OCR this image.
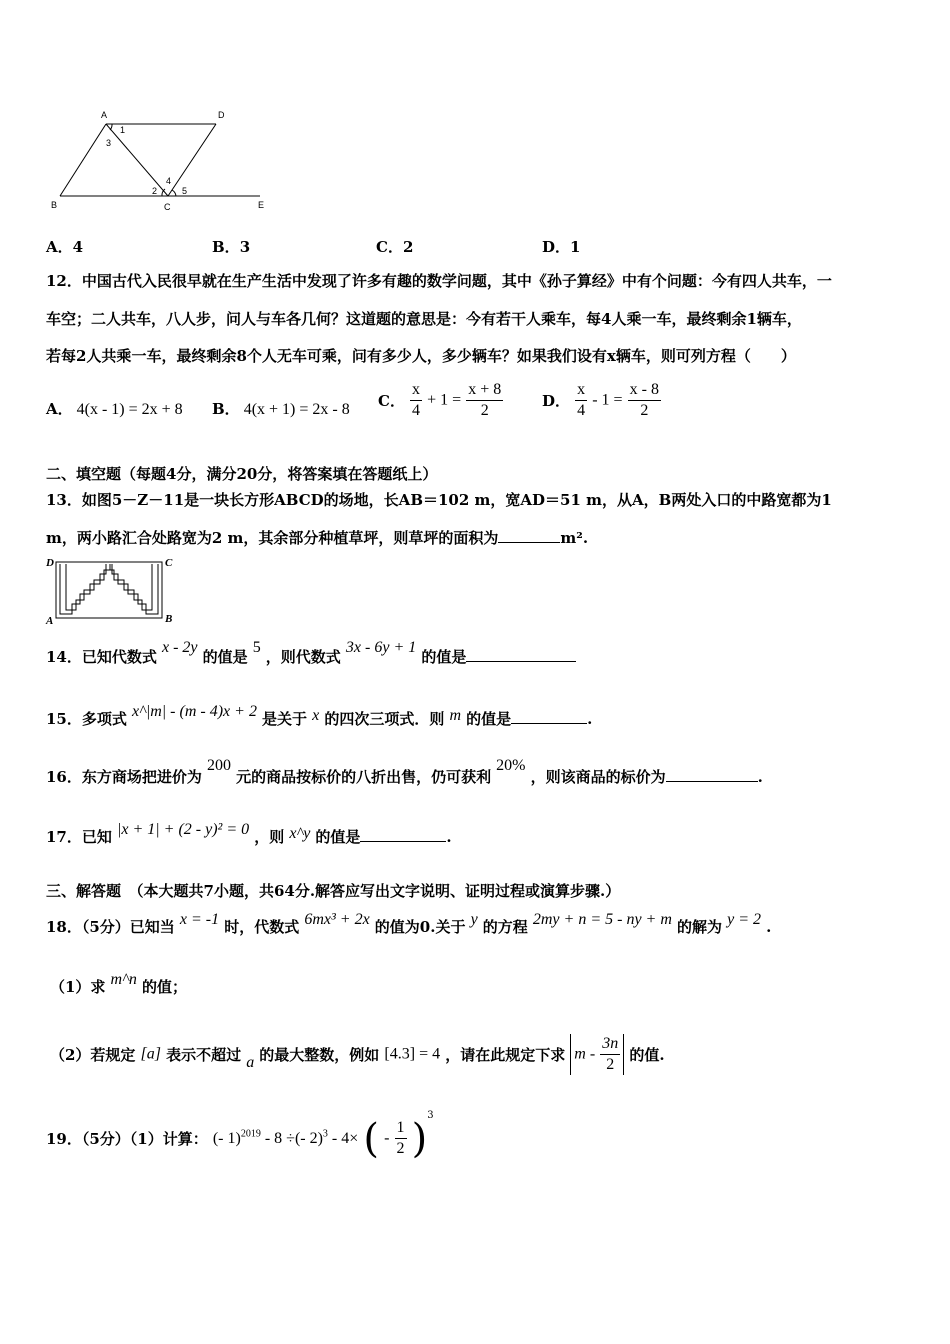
A	D
B	C	E
1
3
2
4
5
A．4	B．3	C．2	D．1
12．中国古代入民很早就在生产生活中发现了许多有趣的数学问题，其中《孙子算经》中有个问题：今有四人共车，一
车空；二人共车，八人步，问人与车各几何？这道题的意思是：今有若干人乘车，每4人乘一车，最终剩余1辆车，
若每2人共乘一车，最终剩余8个人无车可乘，问有多少人，多少辆车？如果我们设有x辆车，则可列方程（　　）
A． 4(x - 1) = 2x + 8 B． 4(x + 1) = 2x - 8 C． $\frac{x}{4} + 1 = \frac{x + 8}{2}$	D． $\frac{x}{4} - 1 = \frac{x - 8}{2}$
二、填空题（每题4分，满分20分，将答案填在答题纸上）
13．如图5－Z－11是一块长方形ABCD的场地，长AB＝102 m，宽AD＝51 m，从A，B两处入口的中路宽都为1
m，两小路汇合处路宽为2 m，其余部分种植草坪，则草坪的面积为	m².
D	C
A	B
14．已知代数式 x - 2y 的值是 5 ，则代数式 3x - 6y + 1 的值是
15．多项式 x^|m| - (m - 4)x + 2 是关于 x 的四次三项式．则 m 的值是	.
16．东方商场把进价为 200 元的商品按标价的八折出售，仍可获利 20% ，则该商品的标价为	.
17．已知 |x + 1| + (2 - y)² = 0 ，则 x^y 的值是	.
三、解答题　（本大题共7小题，共64分.解答应写出文字说明、证明过程或演算步骤.）
18．（5分）已知当 x = -1 时，代数式 6mx³ + 2x 的值为0.关于 y 的方程 2my + n = 5 - ny + m 的解为 y = 2 .
（1）求 m^n 的值；
（2）若规定 [a] 表示不超过 a 的最大整数，例如 [4.3] = 4 ，请在此规定下求 m - $\frac{3n}{2}$ 的值.
19．（5分）（1）计算： (- 1)$^{2019}$ - 8 ÷(- 2)$^3$ - 4× ( - $\frac{1}{2} )^3$
